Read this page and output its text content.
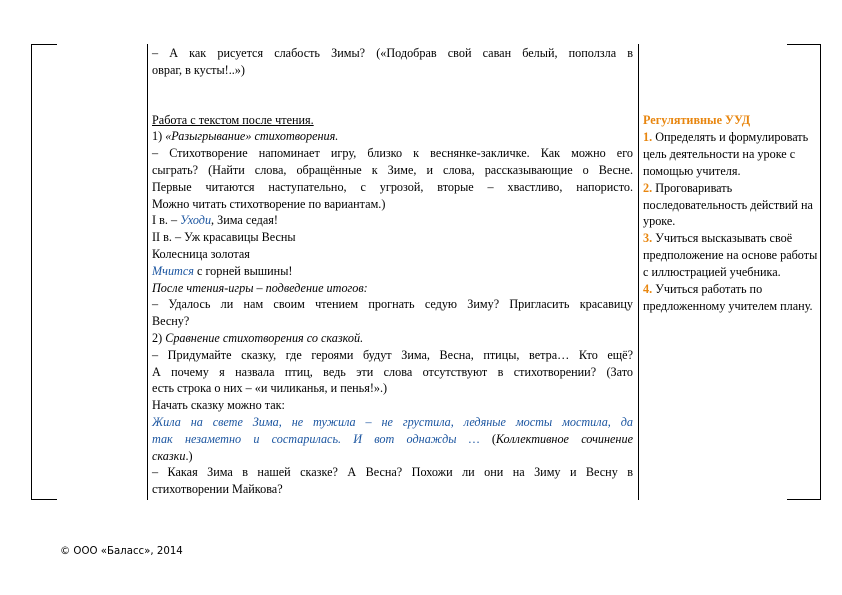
– А как рисуется слабость Зимы? («Подобрав свой саван белый, поползла в

овраг, в кусты!..»)

Работа с текстом после чтения.

1) «Разыгрывание» стихотворения.

– Стихотворение напоминает игру, близко к веснянке-закличке. Как можно его

сыграть? (Найти слова, обращённые к Зиме, и слова, рассказывающие о Весне.

Первые читаются наступательно, с угрозой, вторые – хвастливо, напористо.

Можно читать стихотворение по вариантам.)

I в. – Уходи, Зима седая!

II в. – Уж красавицы Весны

Колесница золотая

Мчится с горней вышины!

После чтения-игры – подведение итогов:

– Удалось ли нам своим чтением прогнать седую Зиму? Пригласить красавицу

Весну?

2) Сравнение стихотворения со сказкой.

– Придумайте сказку, где героями будут Зима, Весна, птицы, ветра… Кто ещё?

А почему я назвала птиц, ведь эти слова отсутствуют в стихотворении? (Зато

есть строка о них – «и чиликанья, и пенья!».)

Начать сказку можно так:

Жила на свете Зима, не тужила – не грустила, ледяные мосты мостила, да

так незаметно и состарилась. И вот однажды … (Коллективное сочинение

сказки.)

– Какая Зима в нашей сказке? А Весна? Похожи ли они на Зиму и Весну в

стихотворении Майкова?

Регулятивные УУД

1. Определять и формулировать цель деятельности на уроке с помощью учителя.

2. Проговаривать последовательность действий на уроке.

3. Учиться высказывать своё предположение на основе работы с иллюстрацией учебника.

4. Учиться работать по предложенному учителем плану.

© ООО «Баласс», 2014
